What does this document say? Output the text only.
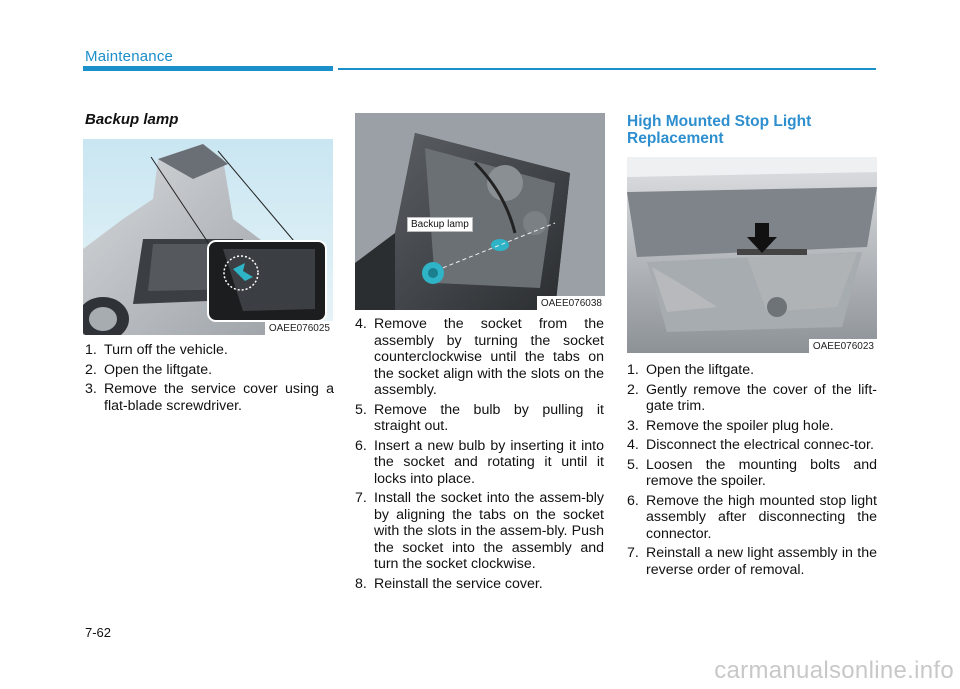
Maintenance
Backup lamp
OAEE076025
1. Turn off the vehicle.
2. Open the liftgate.
3. Remove the service cover using a flat-blade screwdriver.
Backup lamp
OAEE076038
4. Remove the socket from the assembly by turning the socket counterclockwise until the tabs on the socket align with the slots on the assembly.
5. Remove the bulb by pulling it straight out.
6. Insert a new bulb by inserting it into the socket and rotating it until it locks into place.
7. Install the socket into the assem-bly by aligning the tabs on the socket with the slots in the assem-bly. Push the socket into the assembly and turn the socket clockwise.
8. Reinstall the service cover.
High Mounted Stop Light Replacement
OAEE076023
1. Open the liftgate.
2. Gently remove the cover of the lift-gate trim.
3. Remove the spoiler plug hole.
4. Disconnect the electrical connec-tor.
5. Loosen the mounting bolts and remove the spoiler.
6. Remove the high mounted stop light assembly after disconnecting the connector.
7. Reinstall a new light assembly in the reverse order of removal.
7-62
carmanualsonline.info
